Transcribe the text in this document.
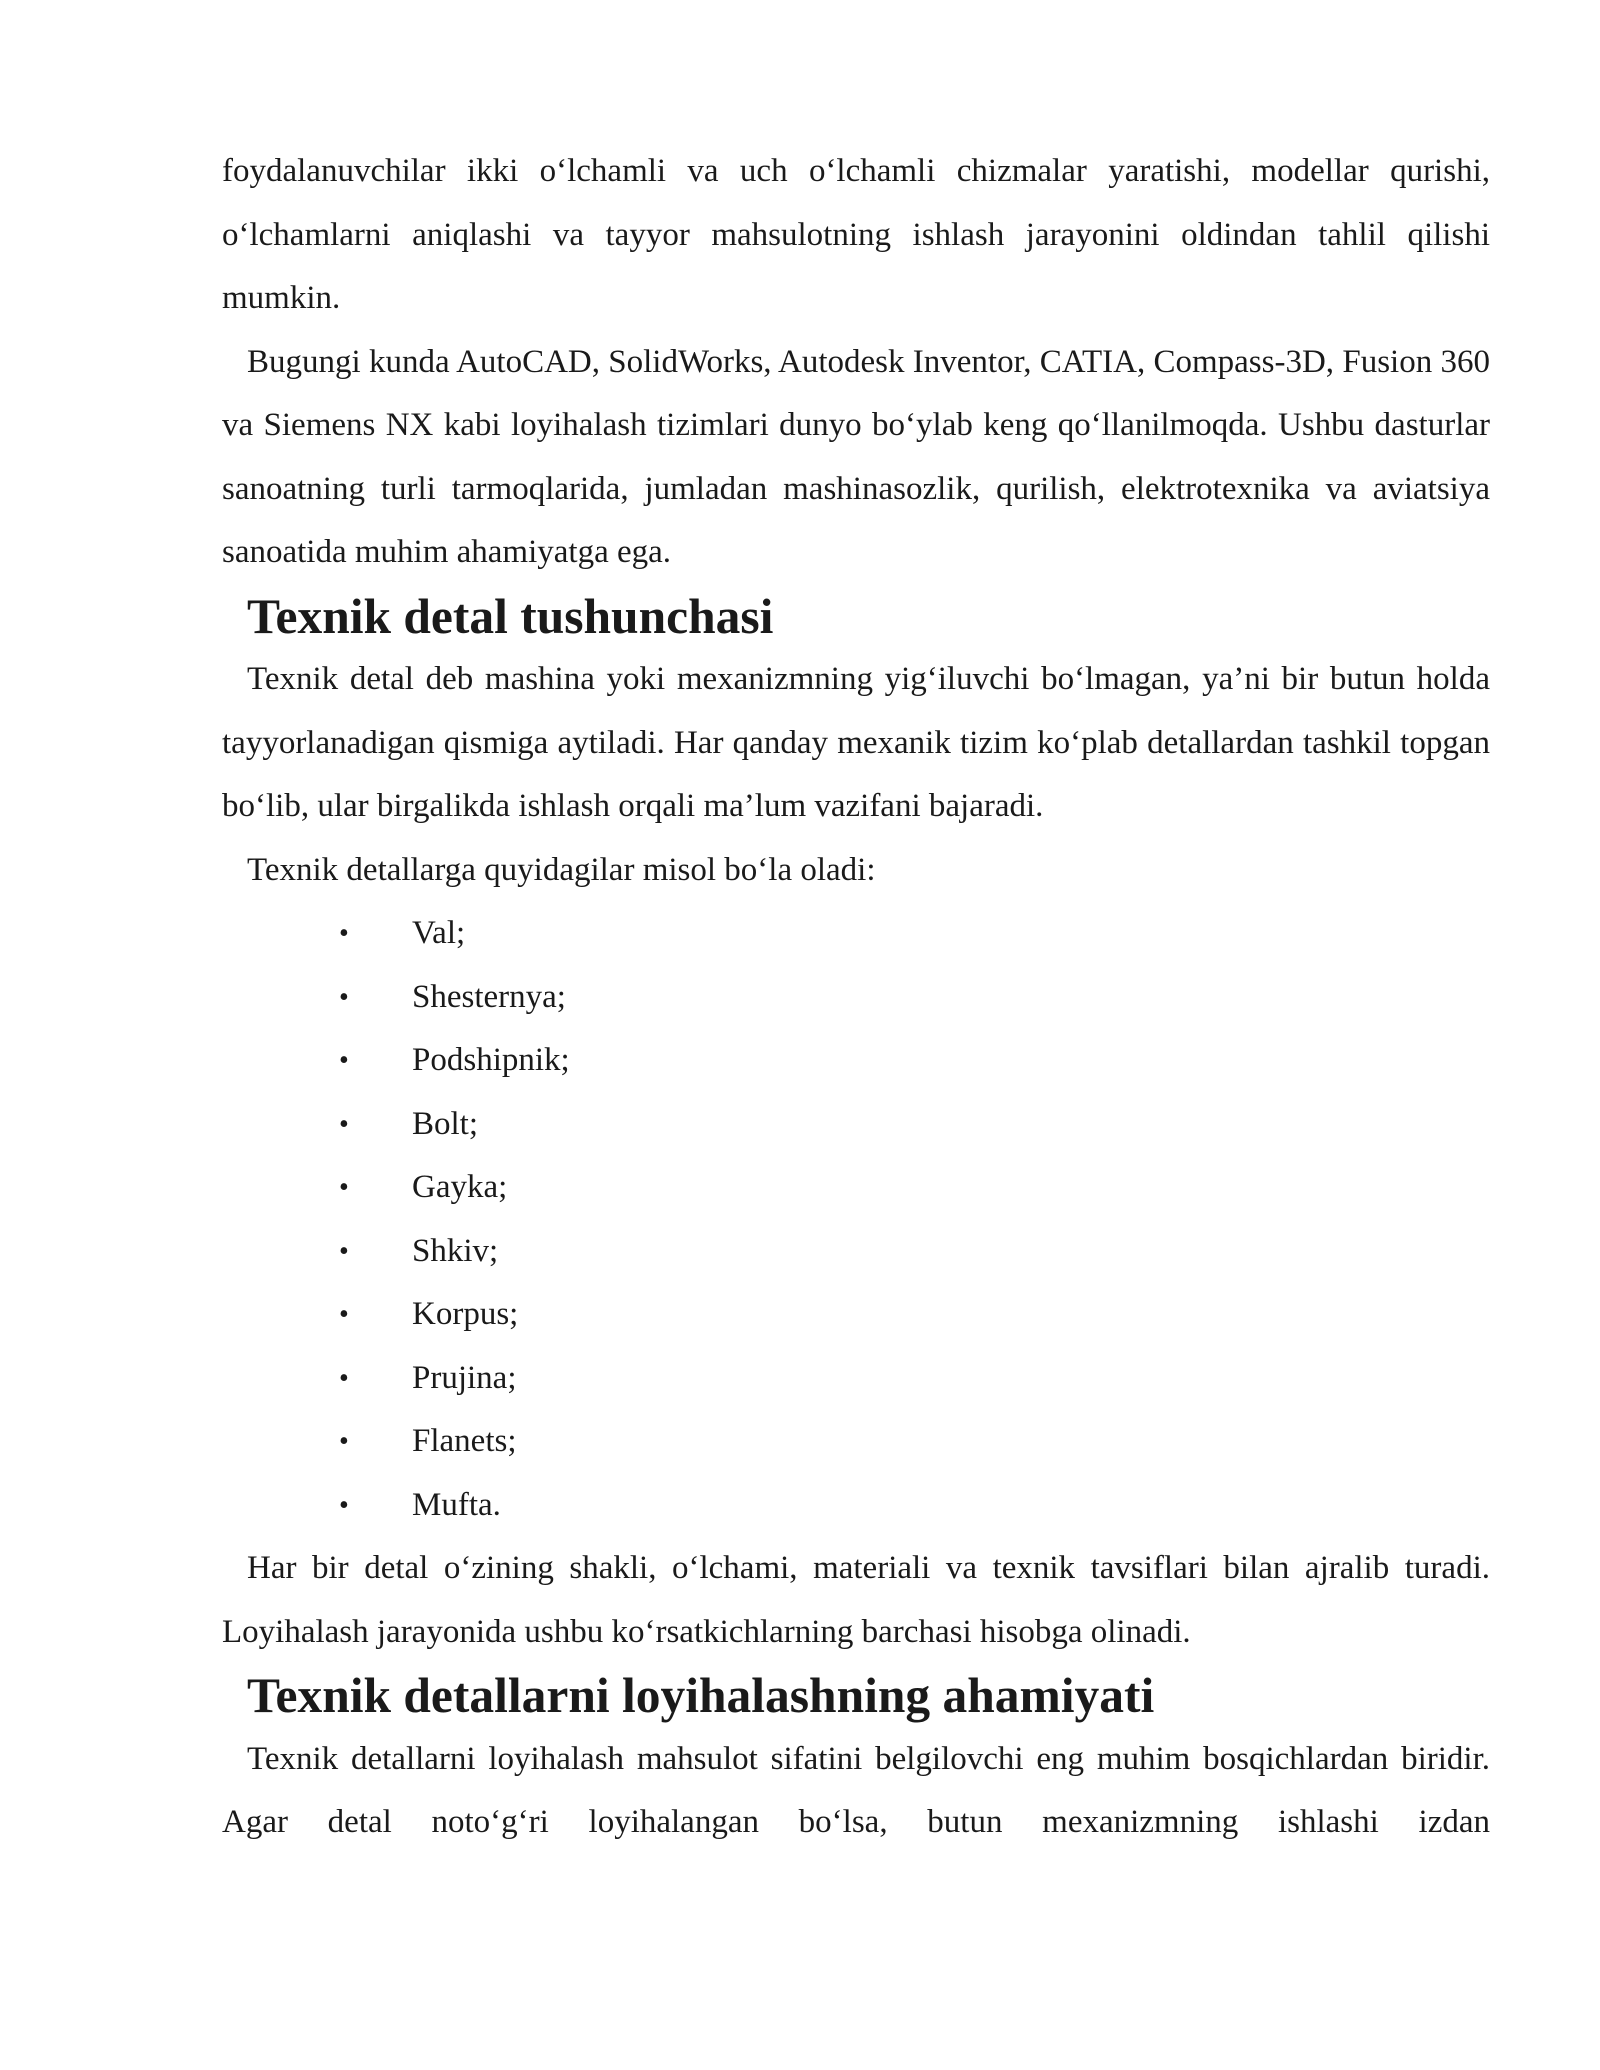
foydalanuvchilar ikki o‘lchamli va uch o‘lchamli chizmalar yaratishi, modellar qurishi, o‘lchamlarni aniqlashi va tayyor mahsulotning ishlash jarayonini oldindan tahlil qilishi mumkin.

Bugungi kunda AutoCAD, SolidWorks, Autodesk Inventor, CATIA, Compass-3D, Fusion 360 va Siemens NX kabi loyihalash tizimlari dunyo bo‘ylab keng qo‘llanilmoqda. Ushbu dasturlar sanoatning turli tarmoqlarida, jumladan mashinasozlik, qurilish, elektrotexnika va aviatsiya sanoatida muhim ahamiyatga ega.

Texnik detal tushunchasi

Texnik detal deb mashina yoki mexanizmning yig‘iluvchi bo‘lmagan, ya’ni bir butun holda tayyorlanadigan qismiga aytiladi. Har qanday mexanik tizim ko‘plab detallardan tashkil topgan bo‘lib, ular birgalikda ishlash orqali ma’lum vazifani bajaradi.

Texnik detallarga quyidagilar misol bo‘la oladi:

• Val;
• Shesternya;
• Podshipnik;
• Bolt;
• Gayka;
• Shkiv;
• Korpus;
• Prujina;
• Flanets;
• Mufta.

Har bir detal o‘zining shakli, o‘lchami, materiali va texnik tavsiflari bilan ajralib turadi. Loyihalash jarayonida ushbu ko‘rsatkichlarning barchasi hisobga olinadi.

Texnik detallarni loyihalashning ahamiyati

Texnik detallarni loyihalash mahsulot sifatini belgilovchi eng muhim bosqichlardan biridir. Agar detal noto‘g‘ri loyihalangan bo‘lsa, butun mexanizmning ishlashi izdan
